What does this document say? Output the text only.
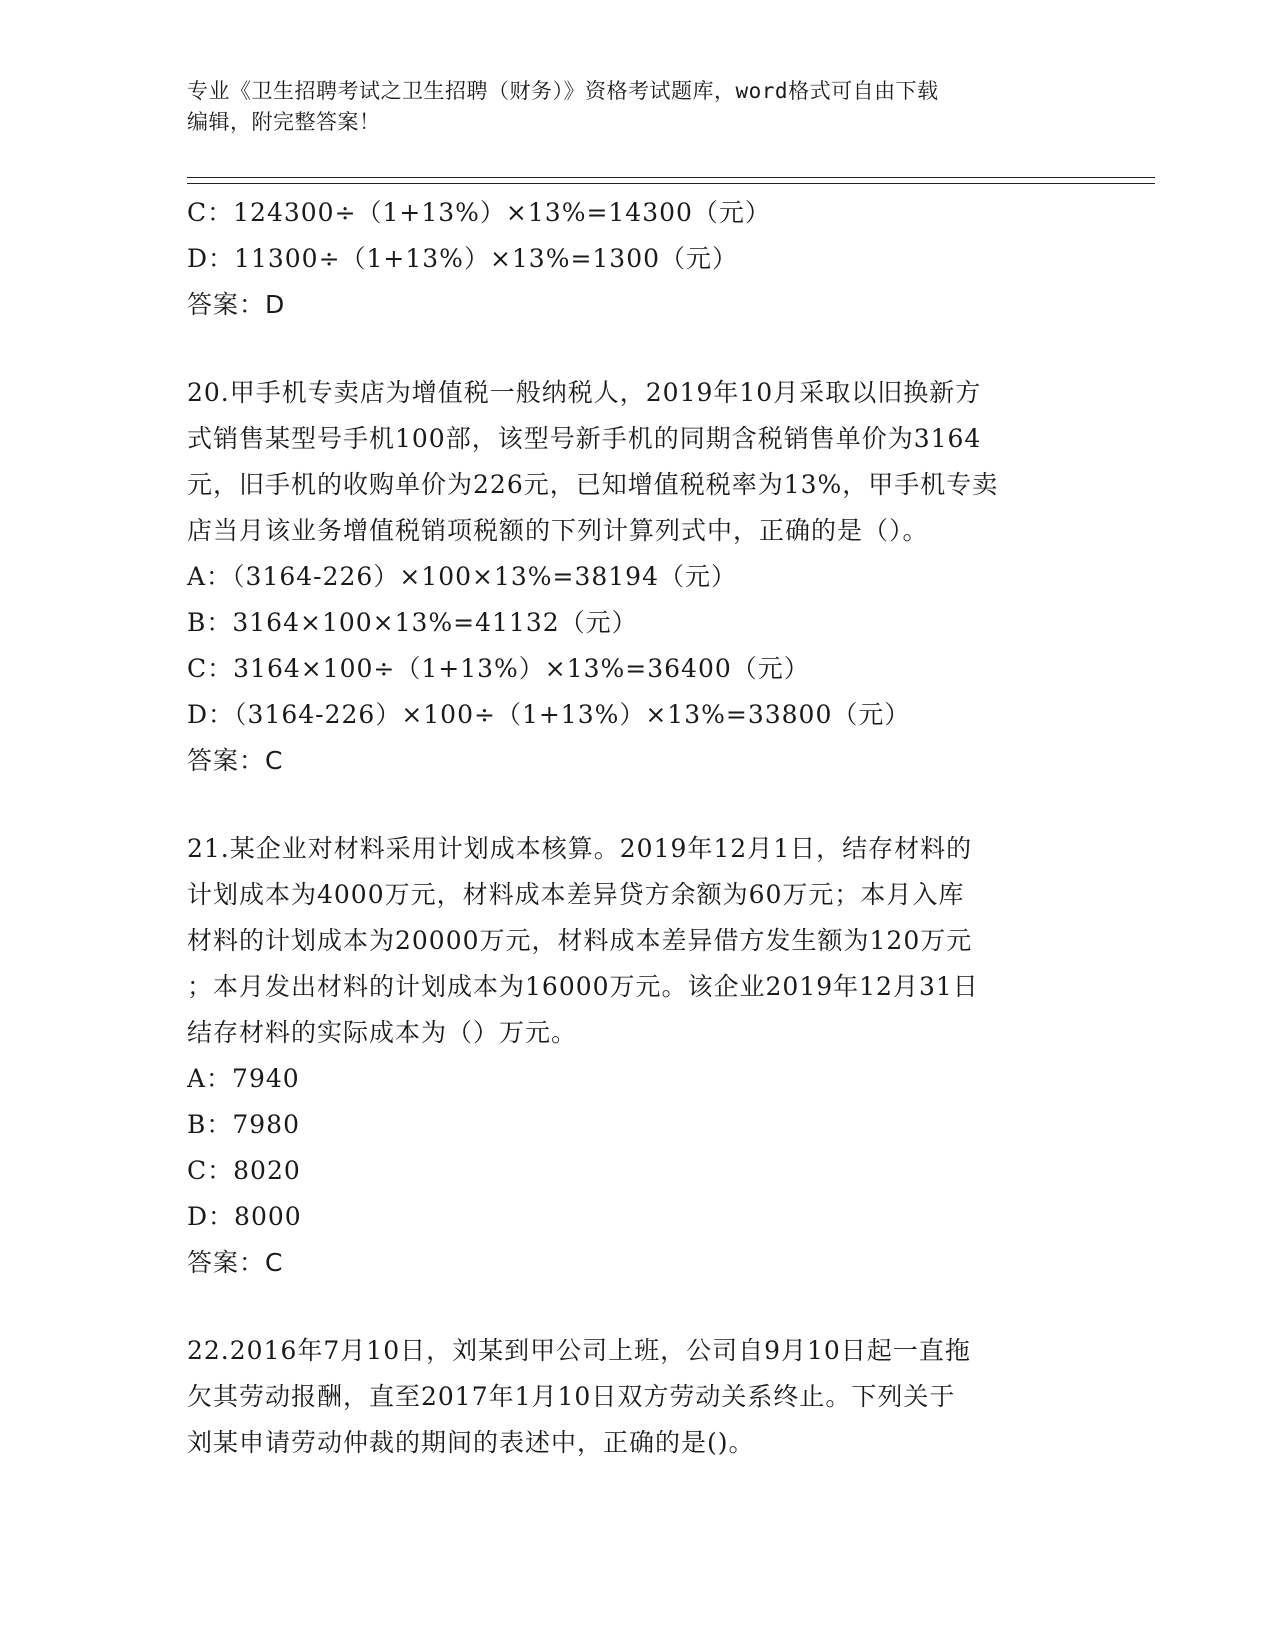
专业《卫生招聘考试之卫生招聘（财务）》资格考试题库，word格式可自由下载
编辑，附完整答案！
C：124300÷（1+13%）×13%=14300（元）
D：11300÷（1+13%）×13%=1300（元）
答案：D
20.甲手机专卖店为增值税一般纳税人，2019年10月采取以旧换新方
式销售某型号手机100部，该型号新手机的同期含税销售单价为3164
元，旧手机的收购单价为226元，已知增值税税率为13%，甲手机专卖
店当月该业务增值税销项税额的下列计算列式中，正确的是（）。
A：（3164-226）×100×13%=38194（元）
B：3164×100×13%=41132（元）
C：3164×100÷（1+13%）×13%=36400（元）
D：（3164-226）×100÷（1+13%）×13%=33800（元）
答案：C
21.某企业对材料采用计划成本核算。2019年12月1日，结存材料的
计划成本为4000万元，材料成本差异贷方余额为60万元；本月入库
材料的计划成本为20000万元，材料成本差异借方发生额为120万元
；本月发出材料的计划成本为16000万元。该企业2019年12月31日
结存材料的实际成本为（）万元。
A：7940
B：7980
C：8020
D：8000
答案：C
22.2016年7月10日，刘某到甲公司上班，公司自9月10日起一直拖
欠其劳动报酬，直至2017年1月10日双方劳动关系终止。下列关于
刘某申请劳动仲裁的期间的表述中，正确的是()。
